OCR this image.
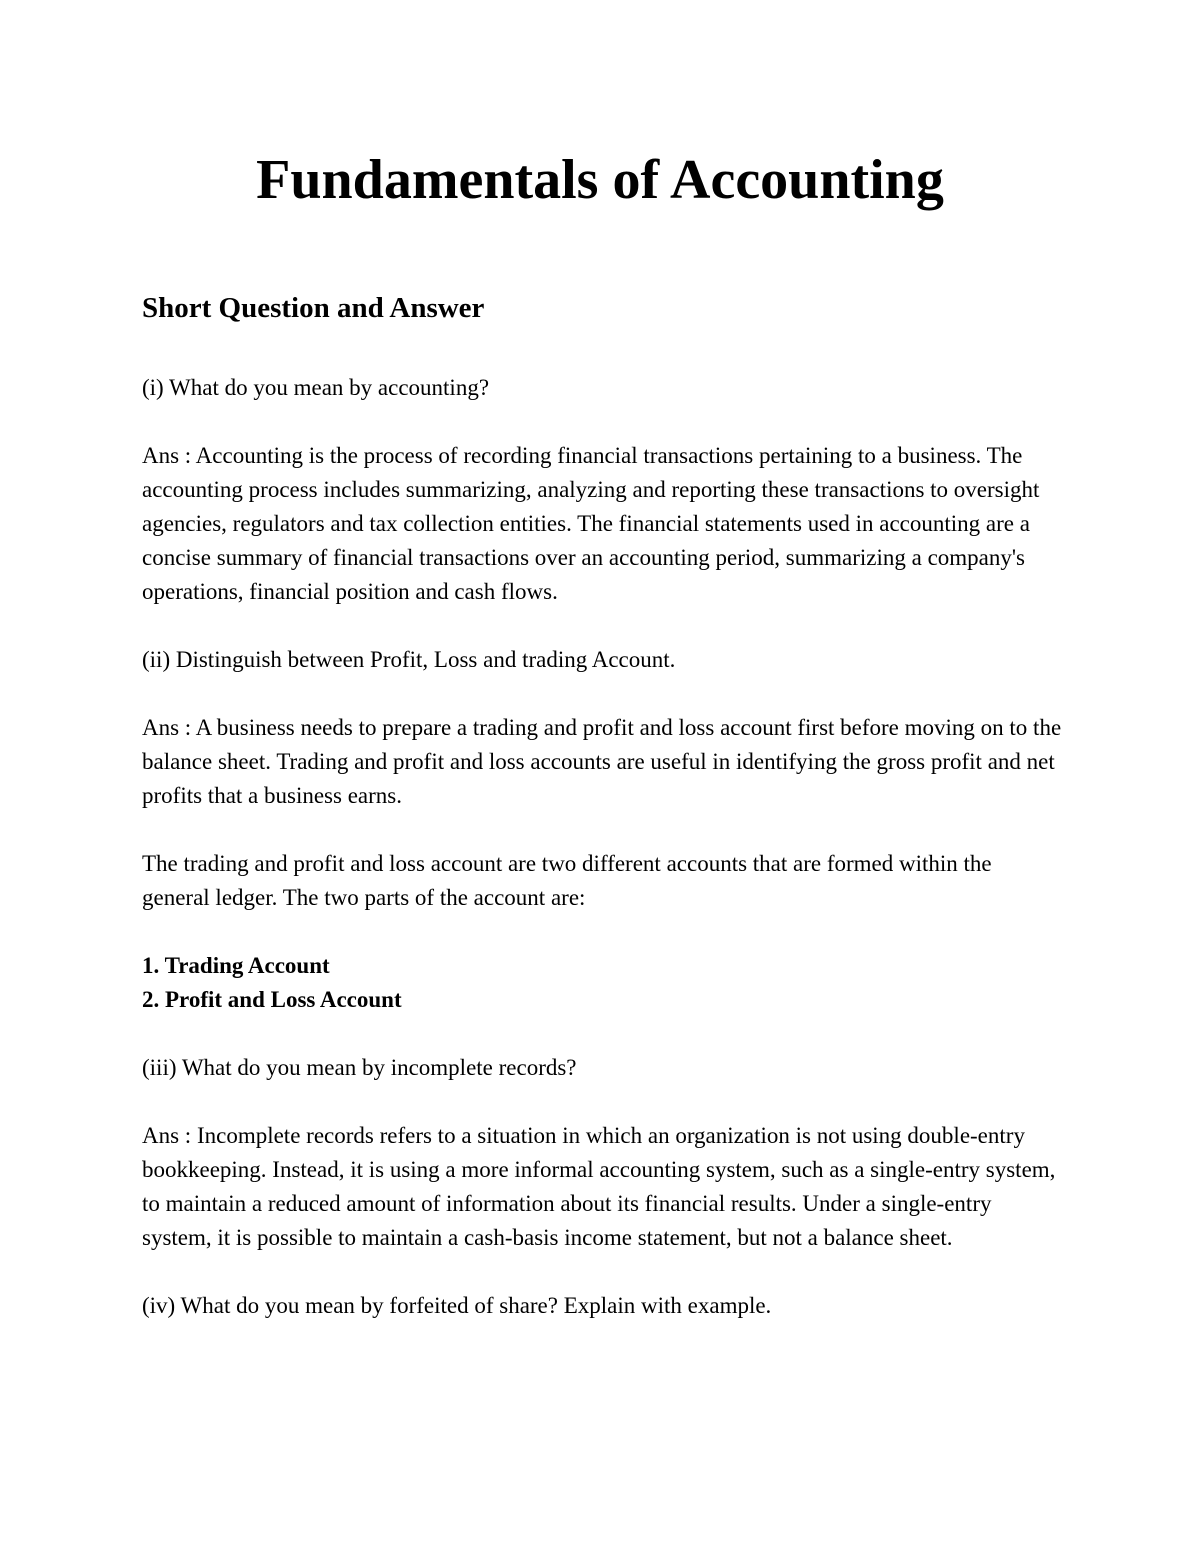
Fundamentals of Accounting
Short Question and Answer

(i) What do you mean by accounting?

Ans : Accounting is the process of recording financial transactions pertaining to a business. The accounting process includes summarizing, analyzing and reporting these transactions to oversight agencies, regulators and tax collection entities. The financial statements used in accounting are a concise summary of financial transactions over an accounting period, summarizing a company's operations, financial position and cash flows.

(ii) Distinguish between Profit, Loss and trading Account.

Ans : A business needs to prepare a trading and profit and loss account first before moving on to the balance sheet. Trading and profit and loss accounts are useful in identifying the gross profit and net profits that a business earns.

The trading and profit and loss account are two different accounts that are formed within the general ledger. The two parts of the account are:

1. Trading Account

2. Profit and Loss Account

(iii) What do you mean by incomplete records?

Ans : Incomplete records refers to a situation in which an organization is not using double-entry bookkeeping. Instead, it is using a more informal accounting system, such as a single-entry system, to maintain a reduced amount of information about its financial results. Under a single-entry system, it is possible to maintain a cash-basis income statement, but not a balance sheet.

(iv) What do you mean by forfeited of share? Explain with example.
